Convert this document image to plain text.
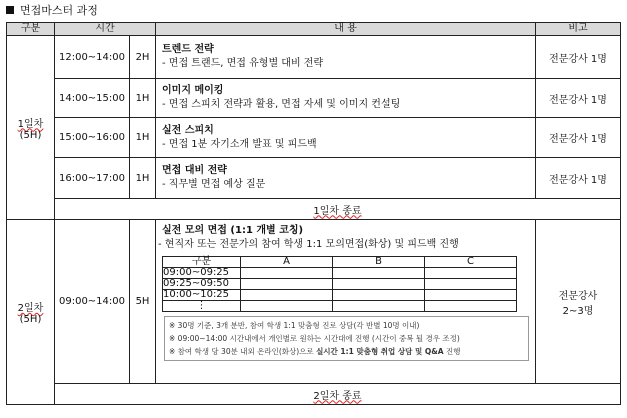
면접마스터 과정
구분	시간	내 용	비고

1일차
(5H)
	12:00~14:00	2H	
트렌드 전략
- 면접 트랜드, 면접 유형별 대비 전략	전문강사 1명
14:00~15:00	1H	
이미지 메이킹
- 면접 스피치 전략과 활용, 면접 자세 및 이미지 컨설팅	전문강사 1명
15:00~16:00	1H	
실전 스피치
- 면접 1분 자기소개 발표 및 피드백	전문강사 1명
16:00~17:00	1H	
면접 대비 전략
- 직무별 면접 예상 질문	전문강사 1명
1일차 종료

2일차
(5H)
	09:00~14:00	5H	
실전 모의 면접 (1:1 개별 코칭)
- 현직자 또는 전문가의 참여 학생 1:1 모의면접(화상) 및 피드백 진행
구분	A	B	C
09:00~09:25			
09:25~09:50			
10:00~10:25			
⋮			
※ 30명 기준, 3개 분반, 참여 학생 1:1 맞춤형 진로 상담(각 반별 10명 이내)
※ 09:00~14:00 시간내에서 개인별로 원하는 시간대에 진행 (시간이 중복 될 경우 조정)
※ 참여 학생 당 30분 내외 온라인(화상)으로 실시간 1:1 맞춤형 취업 상담 및 Q&A 진행

전문강사
2~3명

2일차 종료
